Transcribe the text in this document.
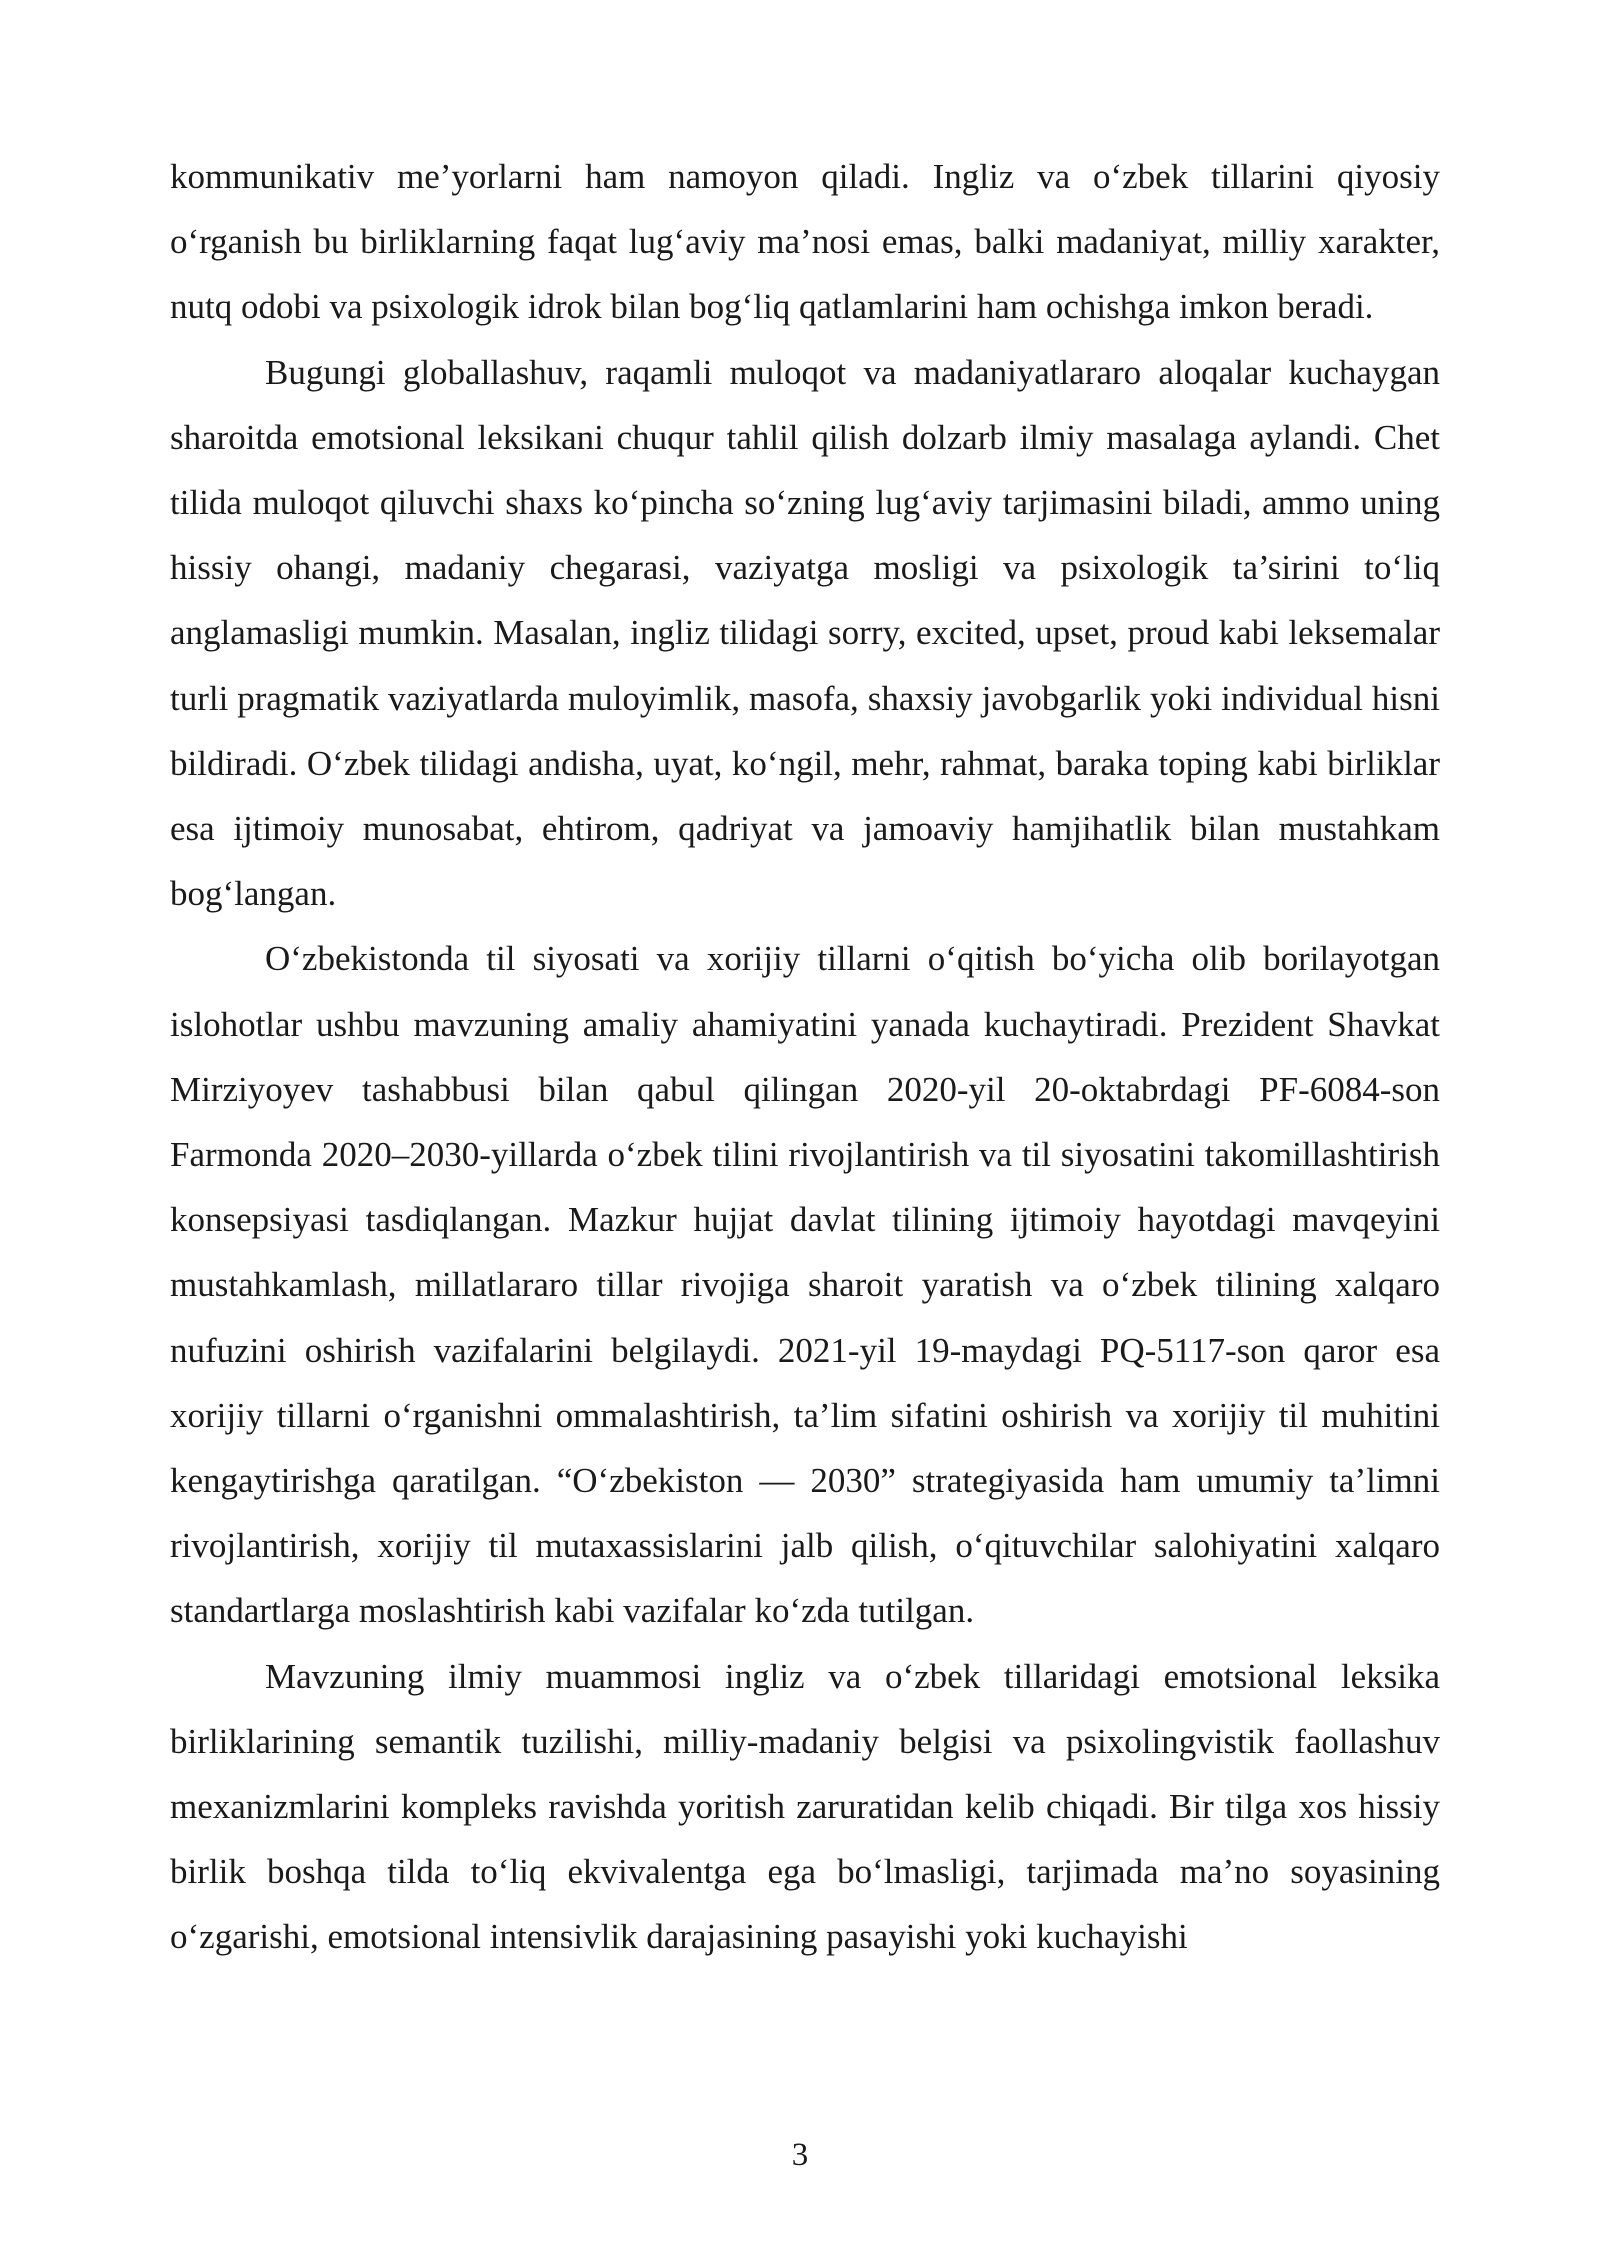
kommunikativ me’yorlarni ham namoyon qiladi. Ingliz va o‘zbek tillarini qiyosiy o‘rganish bu birliklarning faqat lug‘aviy ma’nosi emas, balki madaniyat, milliy xarakter, nutq odobi va psixologik idrok bilan bog‘liq qatlamlarini ham ochishga imkon beradi.

Bugungi globallashuv, raqamli muloqot va madaniyatlararo aloqalar kuchaygan sharoitda emotsional leksikani chuqur tahlil qilish dolzarb ilmiy masalaga aylandi. Chet tilida muloqot qiluvchi shaxs ko‘pincha so‘zning lug‘aviy tarjimasini biladi, ammo uning hissiy ohangi, madaniy chegarasi, vaziyatga mosligi va psixologik ta’sirini to‘liq anglamasligi mumkin. Masalan, ingliz tilidagi sorry, excited, upset, proud kabi leksemalar turli pragmatik vaziyatlarda muloyimlik, masofa, shaxsiy javobgarlik yoki individual hisni bildiradi. O‘zbek tilidagi andisha, uyat, ko‘ngil, mehr, rahmat, baraka toping kabi birliklar esa ijtimoiy munosabat, ehtirom, qadriyat va jamoaviy hamjihatlik bilan mustahkam bog‘langan.

O‘zbekistonda til siyosati va xorijiy tillarni o‘qitish bo‘yicha olib borilayotgan islohotlar ushbu mavzuning amaliy ahamiyatini yanada kuchaytiradi. Prezident Shavkat Mirziyoyev tashabbusi bilan qabul qilingan 2020-yil 20-oktabrdagi PF-6084-son Farmonda 2020–2030-yillarda o‘zbek tilini rivojlantirish va til siyosatini takomillashtirish konsepsiyasi tasdiqlangan. Mazkur hujjat davlat tilining ijtimoiy hayotdagi mavqeyini mustahkamlash, millatlararo tillar rivojiga sharoit yaratish va o‘zbek tilining xalqaro nufuzini oshirish vazifalarini belgilaydi. 2021-yil 19-maydagi PQ-5117-son qaror esa xorijiy tillarni o‘rganishni ommalashtirish, ta’lim sifatini oshirish va xorijiy til muhitini kengaytirishga qaratilgan. “O‘zbekiston — 2030” strategiyasida ham umumiy ta’limni rivojlantirish, xorijiy til mutaxassislarini jalb qilish, o‘qituvchilar salohiyatini xalqaro standartlarga moslashtirish kabi vazifalar ko‘zda tutilgan.

Mavzuning ilmiy muammosi ingliz va o‘zbek tillaridagi emotsional leksika birliklarining semantik tuzilishi, milliy-madaniy belgisi va psixolingvistik faollashuv mexanizmlarini kompleks ravishda yoritish zaruratidan kelib chiqadi. Bir tilga xos hissiy birlik boshqa tilda to‘liq ekvivalentga ega bo‘lmasligi, tarjimada ma’no soyasining o‘zgarishi, emotsional intensivlik darajasining pasayishi yoki kuchayishi

3
